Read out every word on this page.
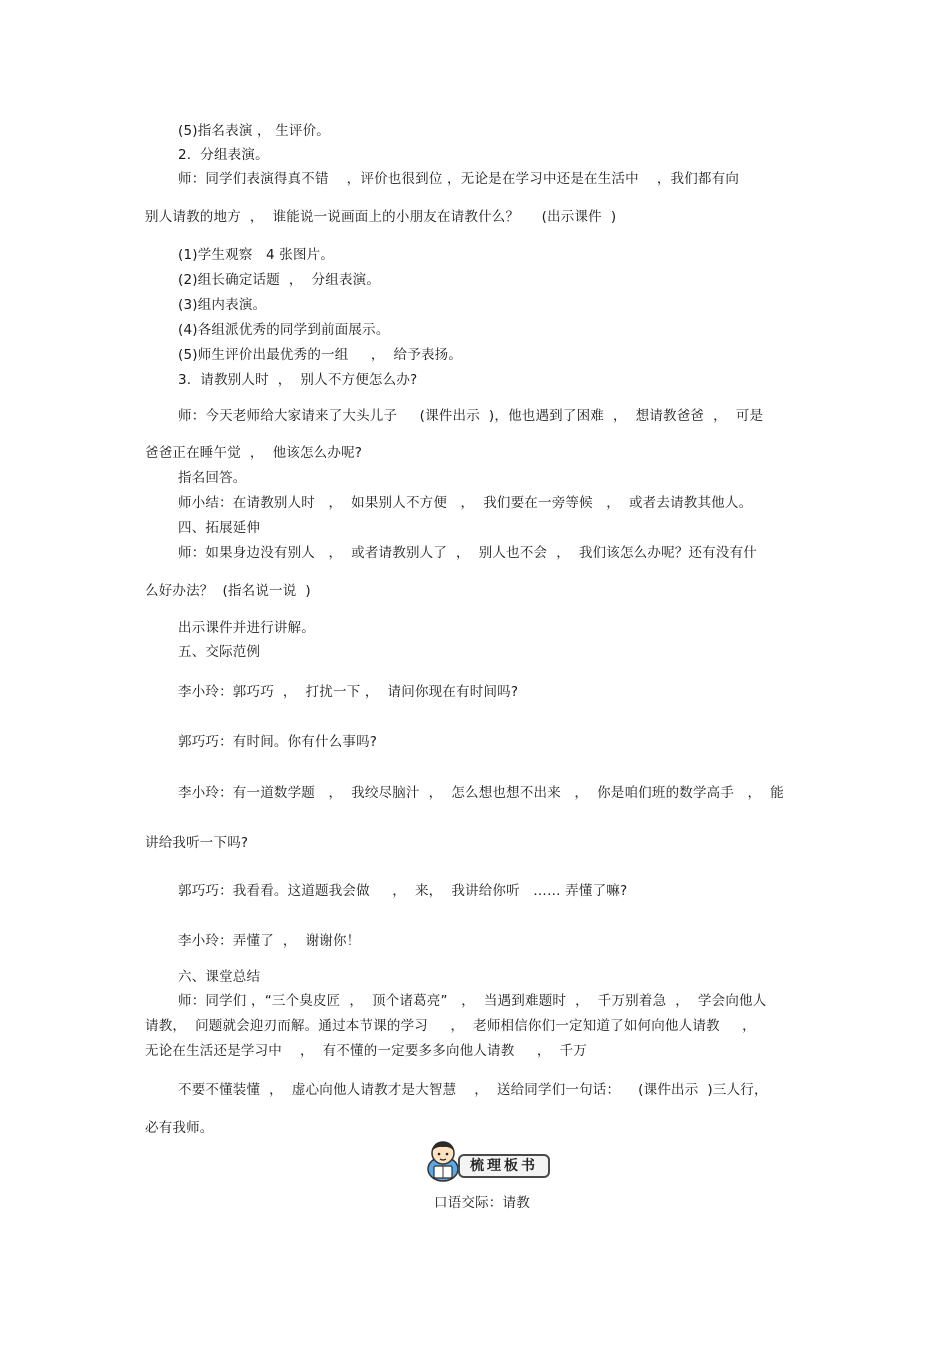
(5)指名表演 ， 生评价。
2.  分组表演。
师：同学们表演得真不错    ，评价也很到位 ，无论是在学习中还是在生活中    ，我们都有向
别人请教的地方  ，  谁能说一说画面上的小朋友在请教什么？     (出示课件  )
(1)学生观察   4 张图片。
(2)组长确定话题  ，  分组表演。
(3)组内表演。
(4)各组派优秀的同学到前面展示。
(5)师生评价出最优秀的一组     ，  给予表扬。
3.  请教别人时  ，  别人不方便怎么办?
师：今天老师给大家请来了大头儿子     (课件出示  )，他也遇到了困难  ，  想请教爸爸  ，  可是
爸爸正在睡午觉  ，  他该怎么办呢?
指名回答。
师小结：在请教别人时   ，  如果别人不方便   ，  我们要在一旁等候   ，  或者去请教其他人。
四、拓展延伸
师：如果身边没有别人   ，  或者请教别人了  ，  别人也不会  ，  我们该怎么办呢？还有没有什
么好办法？  (指名说一说  )
出示课件并进行讲解。
五、交际范例
李小玲：郭巧巧  ，  打扰一下 ，  请问你现在有时间吗?
郭巧巧：有时间。你有什么事吗?
李小玲：有一道数学题   ，  我绞尽脑汁  ，  怎么想也想不出来   ，  你是咱们班的数学高手   ，  能
讲给我听一下吗?
郭巧巧：我看看。这道题我会做     ，  来，  我讲给你听   …… 弄懂了嘛?
李小玲：弄懂了  ，  谢谢你！
六、课堂总结
师：同学们 ，“三个臭皮匠  ，  顶个诸葛亮”   ，  当遇到难题时  ，  千万别着急  ，  学会向他人
请教，  问题就会迎刃而解。通过本节课的学习     ，  老师相信你们一定知道了如何向他人请教     ，
无论在生活还是学习中    ，  有不懂的一定要多多向他人请教     ，  千万
不要不懂装懂  ，  虚心向他人请教才是大智慧    ，  送给同学们一句话：    (课件出示  )三人行，
必有我师。
梳理板书
口语交际：请教
